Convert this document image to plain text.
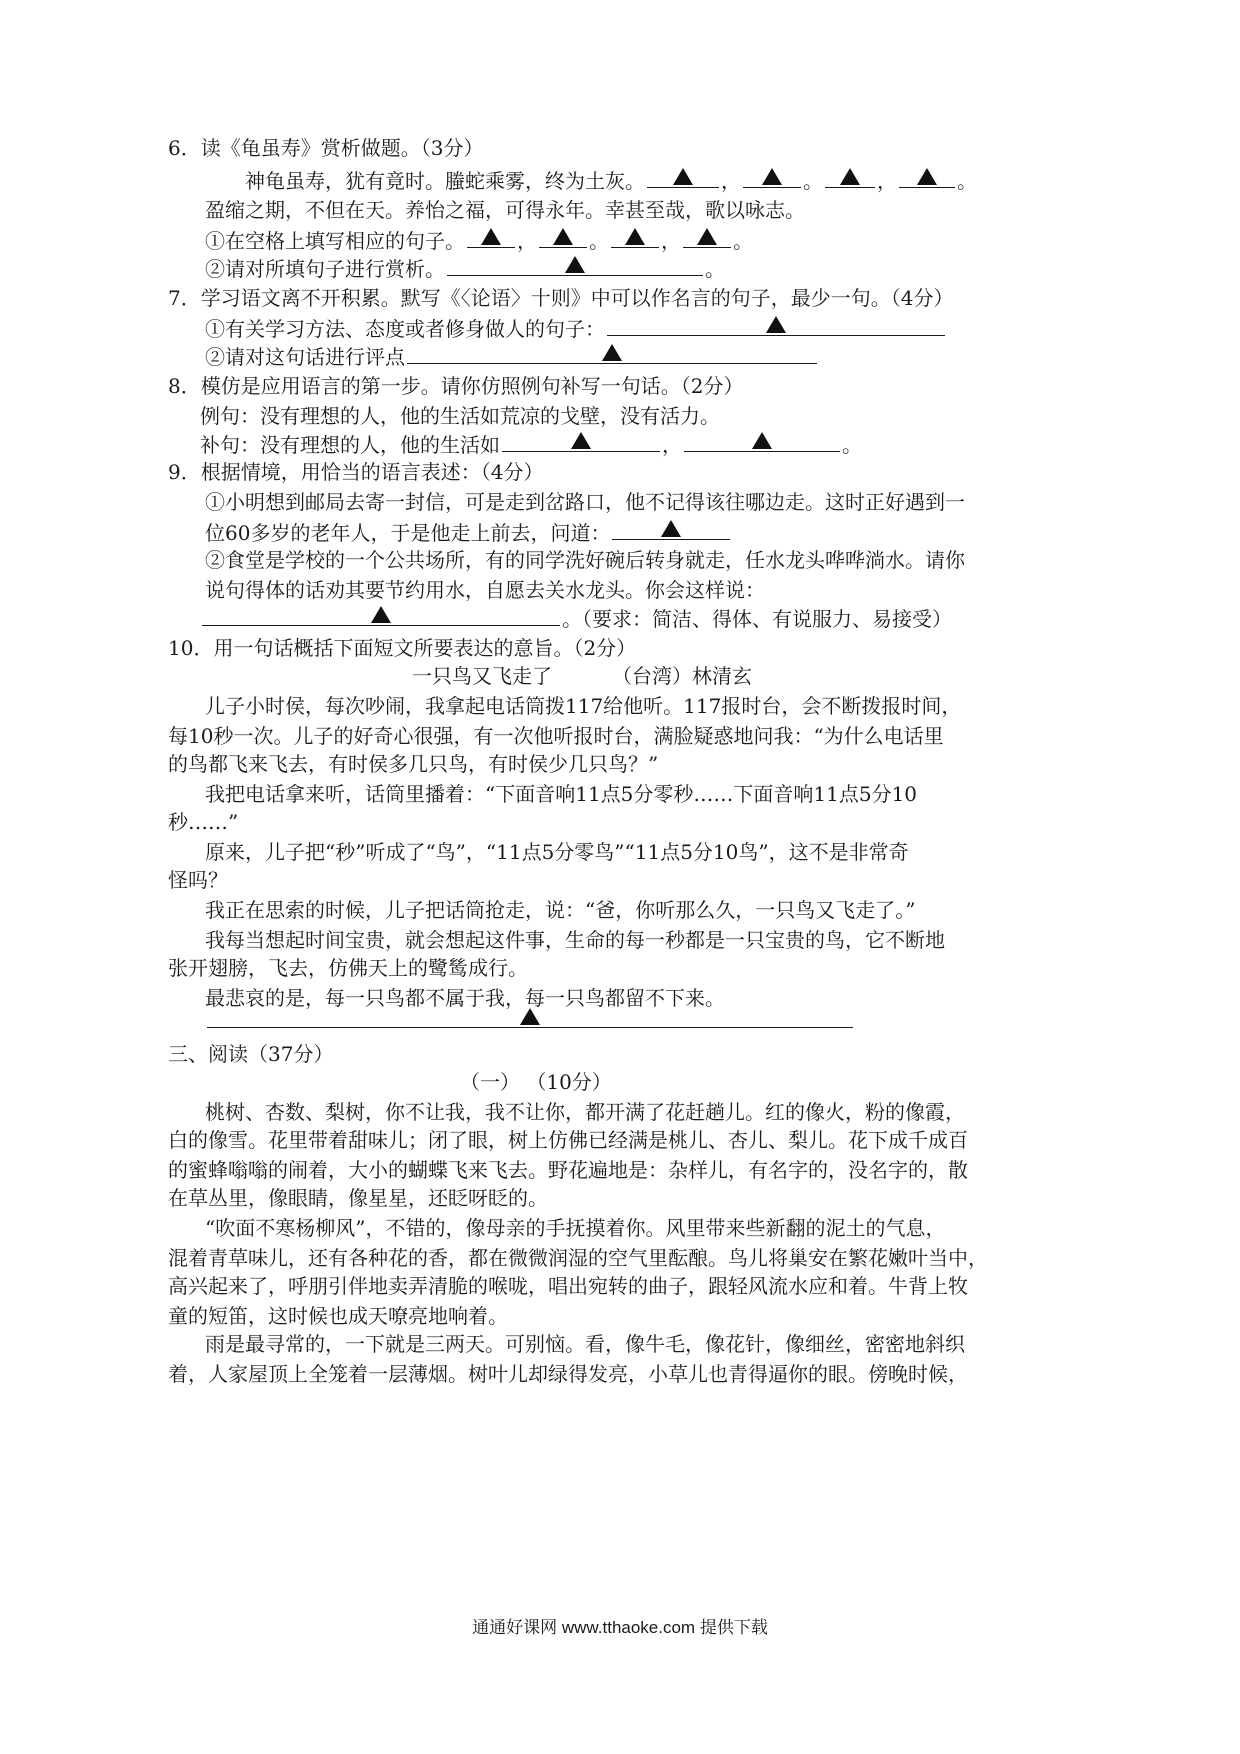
6．读《龟虽寿》赏析做题。（3分）
神龟虽寿，犹有竟时。螣蛇乘雾，终为土灰。	，	。	，	。
盈缩之期，不但在天。养怡之福，可得永年。幸甚至哉，歌以咏志。
①在空格上填写相应的句子。	，	。	，	。
②请对所填句子进行赏析。	。
7．学习语文离不开积累。默写《〈论语〉十则》中可以作名言的句子，最少一句。（4分）
①有关学习方法、态度或者修身做人的句子：
②请对这句话进行评点
8．模仿是应用语言的第一步。请你仿照例句补写一句话。（2分）
例句：没有理想的人，他的生活如荒凉的戈壁，没有活力。
补句：没有理想的人，他的生活如	，	。
9．根据情境，用恰当的语言表述：（4分）
①小明想到邮局去寄一封信，可是走到岔路口，他不记得该往哪边走。这时正好遇到一
位60多岁的老年人，于是他走上前去，问道：
②食堂是学校的一个公共场所，有的同学洗好碗后转身就走，任水龙头哗哗淌水。请你
说句得体的话劝其要节约用水，自愿去关水龙头。你会这样说：
。（要求：简洁、得体、有说服力、易接受）
10．用一句话概括下面短文所要表达的意旨。（2分）
一只鸟又飞走了	（台湾）林清玄
儿子小时侯，每次吵闹，我拿起电话筒拨117给他听。117报时台，会不断拨报时间，
每10秒一次。儿子的好奇心很强，有一次他听报时台，满脸疑惑地问我：“为什么电话里
的鸟都飞来飞去，有时侯多几只鸟，有时侯少几只鸟？”
我把电话拿来听，话筒里播着：“下面音响11点5分零秒……下面音响11点5分10
秒……”
原来，儿子把“秒”听成了“鸟”，“11点5分零鸟”“11点5分10鸟”，这不是非常奇
怪吗？
我正在思索的时候，儿子把话筒抢走，说：“爸，你听那么久，一只鸟又飞走了。”
我每当想起时间宝贵，就会想起这件事，生命的每一秒都是一只宝贵的鸟，它不断地
张开翅膀，飞去，仿佛天上的鹭鸶成行。
最悲哀的是，每一只鸟都不属于我，每一只鸟都留不下来。
三、阅读（37分）
（一） （10分）
桃树、杏数、梨树，你不让我，我不让你，都开满了花赶趟儿。红的像火，粉的像霞，
白的像雪。花里带着甜味儿；闭了眼，树上仿佛已经满是桃儿、杏儿、梨儿。花下成千成百
的蜜蜂嗡嗡的闹着，大小的蝴蝶飞来飞去。野花遍地是：杂样儿，有名字的，没名字的，散
在草丛里，像眼睛，像星星，还眨呀眨的。
“吹面不寒杨柳风”，不错的，像母亲的手抚摸着你。风里带来些新翻的泥土的气息，
混着青草味儿，还有各种花的香，都在微微润湿的空气里酝酿。鸟儿将巢安在繁花嫩叶当中，
高兴起来了，呼朋引伴地卖弄清脆的喉咙，唱出宛转的曲子，跟轻风流水应和着。牛背上牧
童的短笛，这时候也成天嘹亮地响着。
雨是最寻常的，一下就是三两天。可别恼。看，像牛毛，像花针，像细丝，密密地斜织
着，人家屋顶上全笼着一层薄烟。树叶儿却绿得发亮，小草儿也青得逼你的眼。傍晚时候，
通通好课网 www.tthaoke.com 提供下载
